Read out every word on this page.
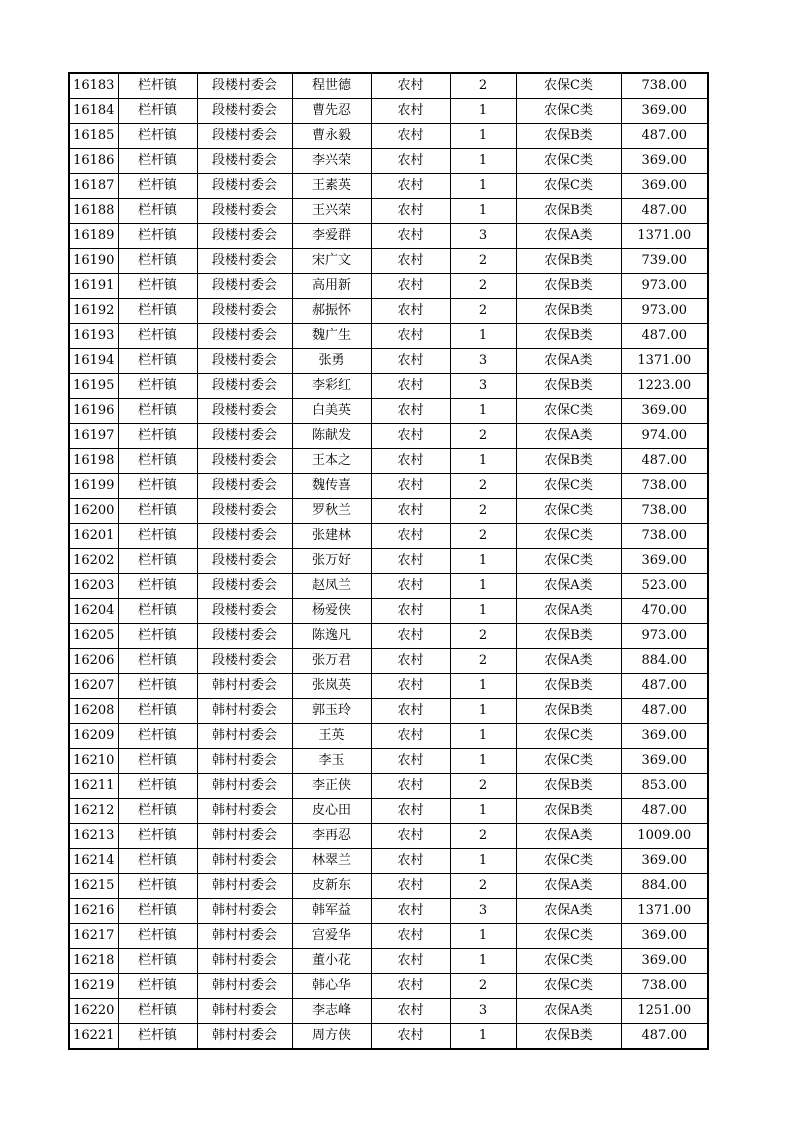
16183	栏杆镇	段楼村委会	程世德	农村	2	农保C类	738.00
16184	栏杆镇	段楼村委会	曹先忍	农村	1	农保C类	369.00
16185	栏杆镇	段楼村委会	曹永毅	农村	1	农保B类	487.00
16186	栏杆镇	段楼村委会	李兴荣	农村	1	农保C类	369.00
16187	栏杆镇	段楼村委会	王素英	农村	1	农保C类	369.00
16188	栏杆镇	段楼村委会	王兴荣	农村	1	农保B类	487.00
16189	栏杆镇	段楼村委会	李爱群	农村	3	农保A类	1371.00
16190	栏杆镇	段楼村委会	宋广文	农村	2	农保B类	739.00
16191	栏杆镇	段楼村委会	高用新	农村	2	农保B类	973.00
16192	栏杆镇	段楼村委会	郝振怀	农村	2	农保B类	973.00
16193	栏杆镇	段楼村委会	魏广生	农村	1	农保B类	487.00
16194	栏杆镇	段楼村委会	张勇	农村	3	农保A类	1371.00
16195	栏杆镇	段楼村委会	李彩红	农村	3	农保B类	1223.00
16196	栏杆镇	段楼村委会	白美英	农村	1	农保C类	369.00
16197	栏杆镇	段楼村委会	陈献发	农村	2	农保A类	974.00
16198	栏杆镇	段楼村委会	王本之	农村	1	农保B类	487.00
16199	栏杆镇	段楼村委会	魏传喜	农村	2	农保C类	738.00
16200	栏杆镇	段楼村委会	罗秋兰	农村	2	农保C类	738.00
16201	栏杆镇	段楼村委会	张建林	农村	2	农保C类	738.00
16202	栏杆镇	段楼村委会	张万好	农村	1	农保C类	369.00
16203	栏杆镇	段楼村委会	赵凤兰	农村	1	农保A类	523.00
16204	栏杆镇	段楼村委会	杨爱侠	农村	1	农保A类	470.00
16205	栏杆镇	段楼村委会	陈逸凡	农村	2	农保B类	973.00
16206	栏杆镇	段楼村委会	张万君	农村	2	农保A类	884.00
16207	栏杆镇	韩村村委会	张岚英	农村	1	农保B类	487.00
16208	栏杆镇	韩村村委会	郭玉玲	农村	1	农保B类	487.00
16209	栏杆镇	韩村村委会	王英	农村	1	农保C类	369.00
16210	栏杆镇	韩村村委会	李玉	农村	1	农保C类	369.00
16211	栏杆镇	韩村村委会	李正侠	农村	2	农保B类	853.00
16212	栏杆镇	韩村村委会	皮心田	农村	1	农保B类	487.00
16213	栏杆镇	韩村村委会	李再忍	农村	2	农保A类	1009.00
16214	栏杆镇	韩村村委会	林翠兰	农村	1	农保C类	369.00
16215	栏杆镇	韩村村委会	皮新东	农村	2	农保A类	884.00
16216	栏杆镇	韩村村委会	韩军益	农村	3	农保A类	1371.00
16217	栏杆镇	韩村村委会	宫爱华	农村	1	农保C类	369.00
16218	栏杆镇	韩村村委会	董小花	农村	1	农保C类	369.00
16219	栏杆镇	韩村村委会	韩心华	农村	2	农保C类	738.00
16220	栏杆镇	韩村村委会	李志峰	农村	3	农保A类	1251.00
16221	栏杆镇	韩村村委会	周方侠	农村	1	农保B类	487.00
